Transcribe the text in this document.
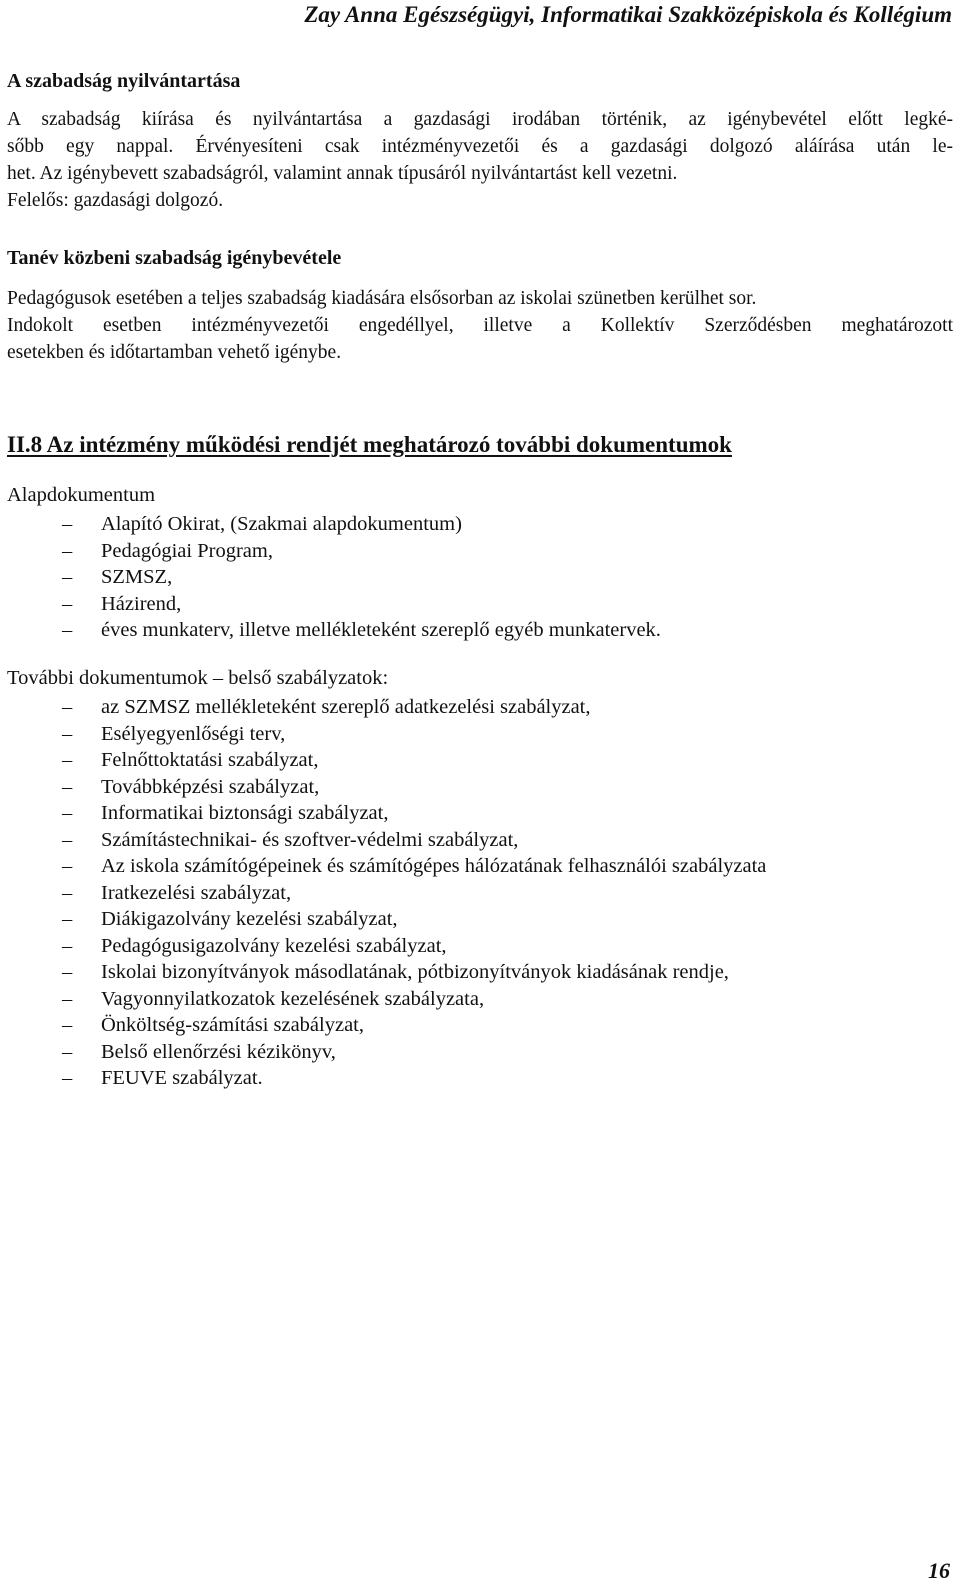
Zay Anna Egészségügyi, Informatikai Szakközépiskola és Kollégium
A szabadság nyilvántartása

A szabadság kiírása és nyilvántartása a gazdasági irodában történik, az igénybevétel előtt legké-
sőbb egy nappal. Érvényesíteni csak intézményvezetői és a gazdasági dolgozó aláírása után le-
het. Az igénybevett szabadságról, valamint annak típusáról nyilvántartást kell vezetni.
Felelős: gazdasági dolgozó.

Tanév közbeni szabadság igénybevétele

Pedagógusok esetében a teljes szabadság kiadására elsősorban az iskolai szünetben kerülhet sor.
Indokolt esetben intézményvezetői engedéllyel, illetve a Kollektív Szerződésben meghatározott
esetekben és időtartamban vehető igénybe.

II.8 Az intézmény működési rendjét meghatározó további dokumentumok
Alapdokumentum
– Alapító Okirat, (Szakmai alapdokumentum)
– Pedagógiai Program,
– SZMSZ,
– Házirend,
– éves munkaterv, illetve mellékleteként szereplő egyéb munkatervek.
További dokumentumok – belső szabályzatok:
– az SZMSZ mellékleteként szereplő adatkezelési szabályzat,
– Esélyegyenlőségi terv,
– Felnőttoktatási szabályzat,
– Továbbképzési szabályzat,
– Informatikai biztonsági szabályzat,
– Számítástechnikai- és szoftver-védelmi szabályzat,
– Az iskola számítógépeinek és számítógépes hálózatának felhasználói szabályzata
– Iratkezelési szabályzat,
– Diákigazolvány kezelési szabályzat,
– Pedagógusigazolvány kezelési szabályzat,
– Iskolai bizonyítványok másodlatának, pótbizonyítványok kiadásának rendje,
– Vagyonnyilatkozatok kezelésének szabályzata,
– Önköltség-számítási szabályzat,
– Belső ellenőrzési kézikönyv,
– FEUVE szabályzat.
16
